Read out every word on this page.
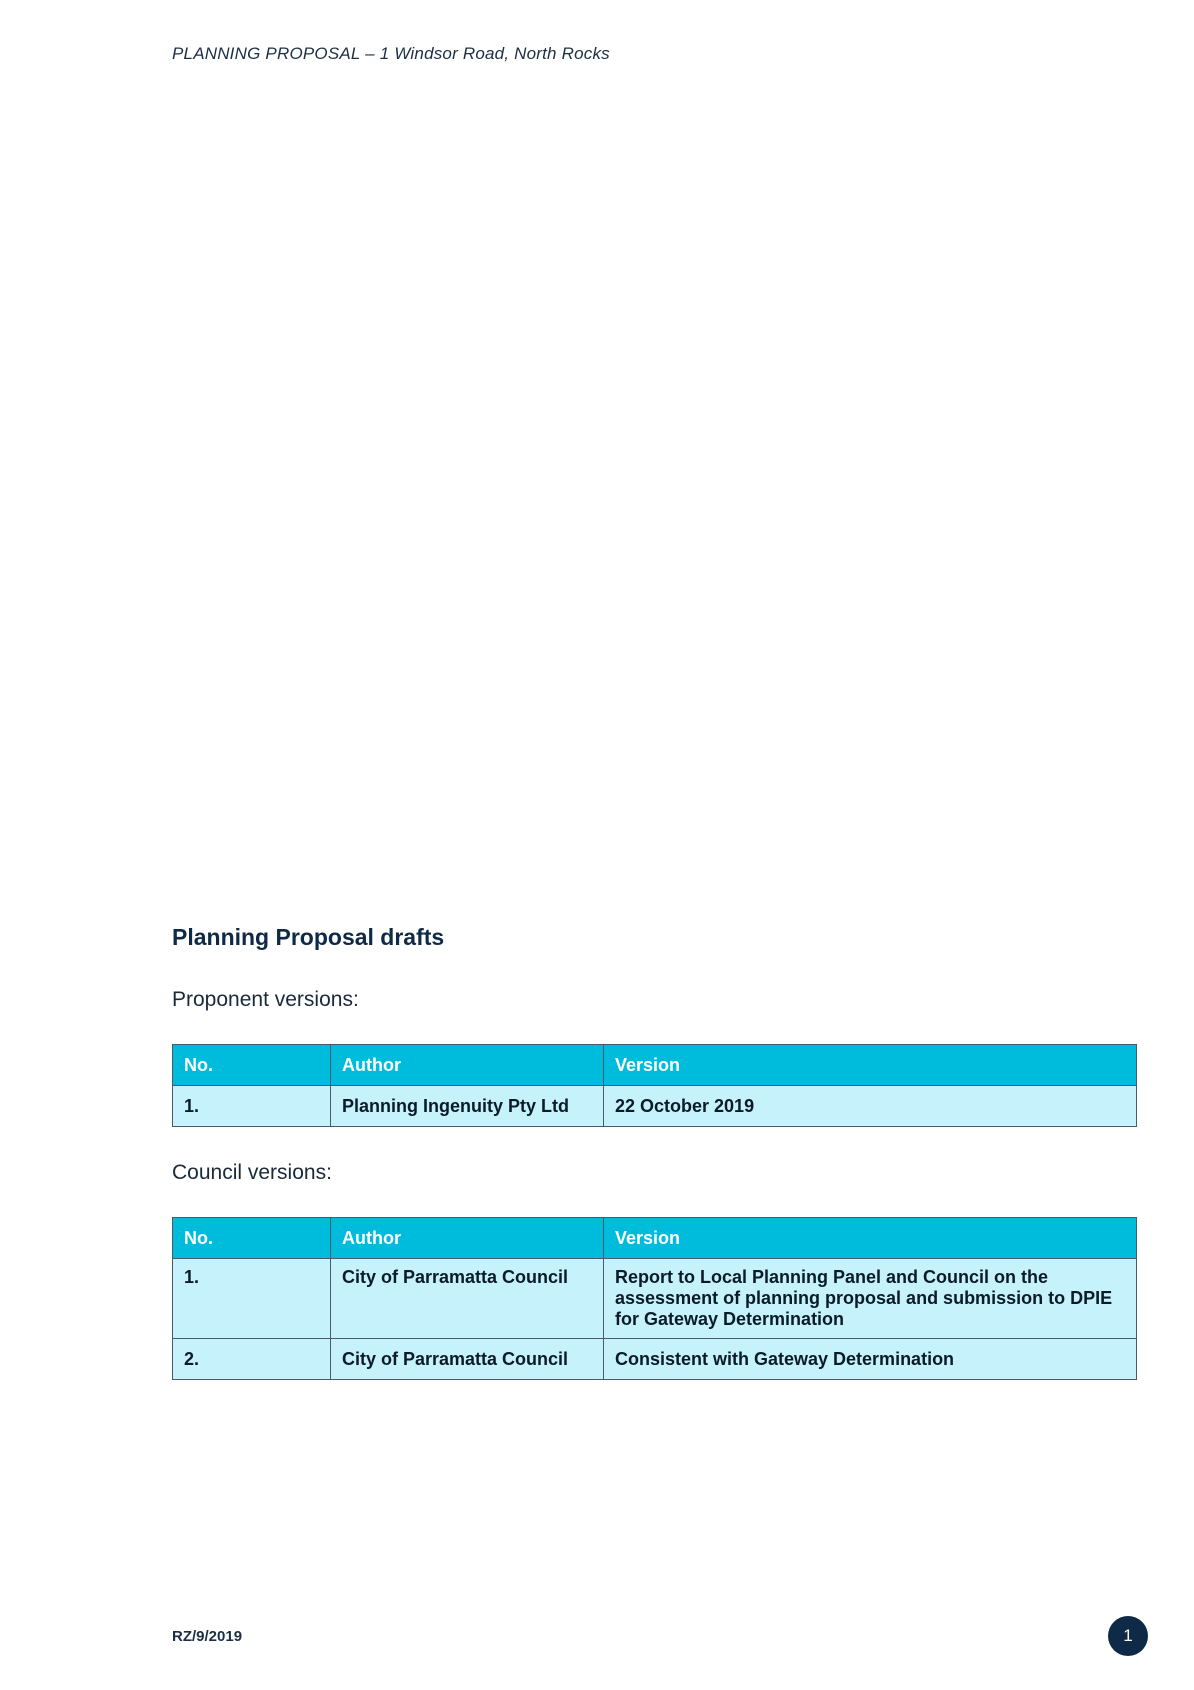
PLANNING PROPOSAL – 1 Windsor Road, North Rocks
Planning Proposal drafts

Proponent versions:

No.	Author	Version
1.	Planning Ingenuity Pty Ltd	22 October 2019

Council versions:

No.	Author	Version
1.	City of Parramatta Council	Report to Local Planning Panel and Council on the assessment of planning proposal and submission to DPIE for Gateway Determination
2.	City of Parramatta Council	Consistent with Gateway Determination
RZ/9/2019	1
